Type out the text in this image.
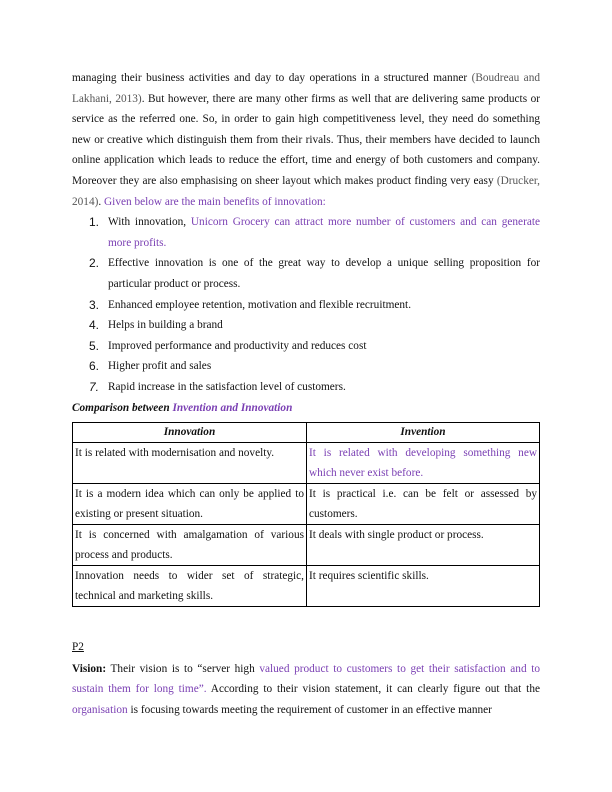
managing their business activities and day to day operations in a structured manner (Boudreau and Lakhani, 2013). But however, there are many other firms as well that are delivering same products or service as the referred one. So, in order to gain high competitiveness level, they need do something new or creative which distinguish them from their rivals. Thus, their members have decided to launch online application which leads to reduce the effort, time and energy of both customers and company. Moreover they are also emphasising on sheer layout which makes product finding very easy (Drucker, 2014). Given below are the main benefits of innovation:

1. With innovation, Unicorn Grocery can attract more number of customers and can generate more profits.
2. Effective innovation is one of the great way to develop a unique selling proposition for particular product or process.
3. Enhanced employee retention, motivation and flexible recruitment.
4. Helps in building a brand
5. Improved performance and productivity and reduces cost
6. Higher profit and sales
7. Rapid increase in the satisfaction level of customers.

Comparison between Invention and Innovation

Innovation	Invention
It is related with modernisation and novelty.	It is related with developing something new which never exist before.
It is a modern idea which can only be applied to existing or present situation.	It is practical i.e. can be felt or assessed by customers.
It is concerned with amalgamation of various process and products.	It deals with single product or process.
Innovation needs to wider set of strategic, technical and marketing skills.	It requires scientific skills.
P2

Vision: Their vision is to “server high valued product to customers to get their satisfaction and to sustain them for long time”. According to their vision statement, it can clearly figure out that the organisation is focusing towards meeting the requirement of customer in an effective manner
